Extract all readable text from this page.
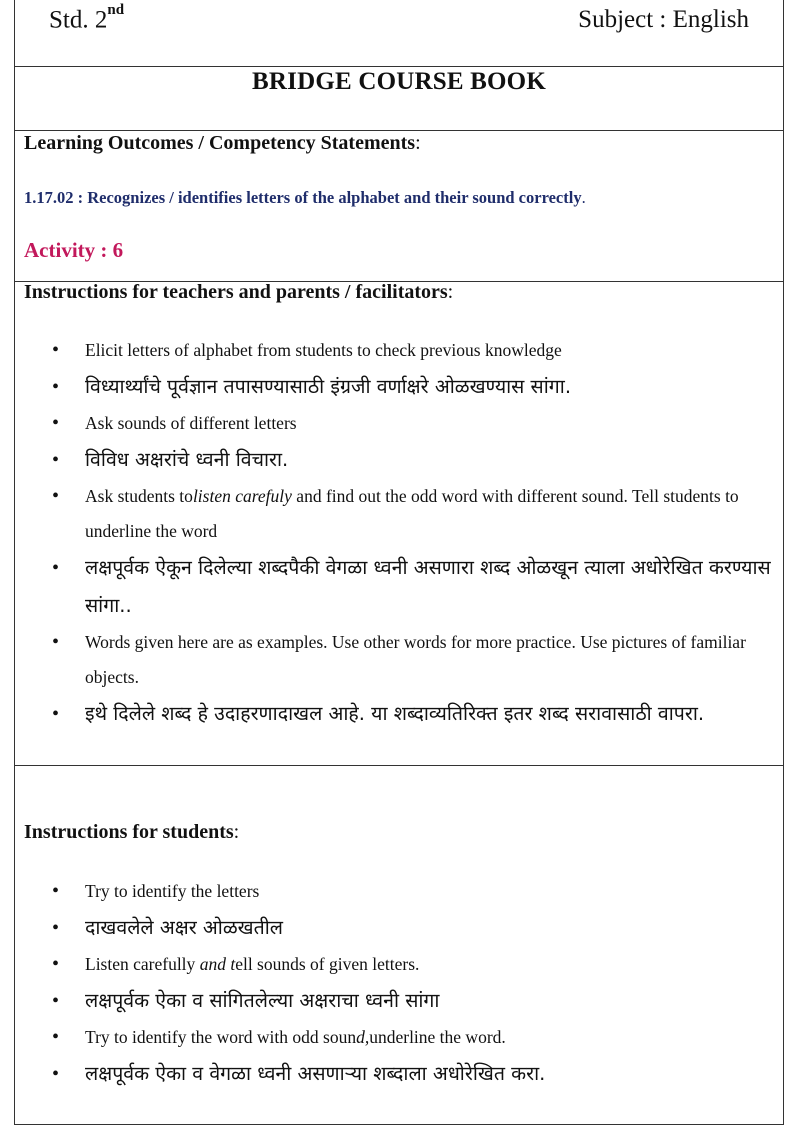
Std. 2nd	Subject : English
BRIDGE COURSE BOOK
Learning Outcomes / Competency Statements:
1.17.02 : Recognizes / identifies letters of the alphabet and their sound correctly.
Activity : 6
Instructions for teachers and parents / facilitators:
• Elicit letters of alphabet from students to check previous knowledge
• विध्यार्थ्यांचे पूर्वज्ञान तपासण्यासाठी इंग्रजी वर्णाक्षरे ओळखण्यास सांगा.
• Ask sounds of different letters
• विविध अक्षरांचे ध्वनी विचारा.
• Ask students tolisten carefuly and find out the odd word with different sound. Tell students to underline the word
• लक्षपूर्वक ऐकून दिलेल्या शब्दपैकी वेगळा ध्वनी असणारा शब्द ओळखून त्याला अधोरेखित करण्यास सांगा..
• Words given here are as examples. Use other words for more practice. Use pictures of familiar objects.
• इथे दिलेले शब्द हे उदाहरणादाखल आहे. या शब्दाव्यतिरिक्त इतर शब्द सरावासाठी वापरा.
Instructions for students:
• Try to identify the letters
• दाखवलेले अक्षर ओळखतील
• Listen carefully and tell sounds of given letters.
• लक्षपूर्वक ऐका व सांगितलेल्या अक्षराचा ध्वनी सांगा
• Try to identify the word with odd sound,underline the word.
• लक्षपूर्वक ऐका व वेगळा ध्वनी असणाऱ्या शब्दाला अधोरेखित करा.
